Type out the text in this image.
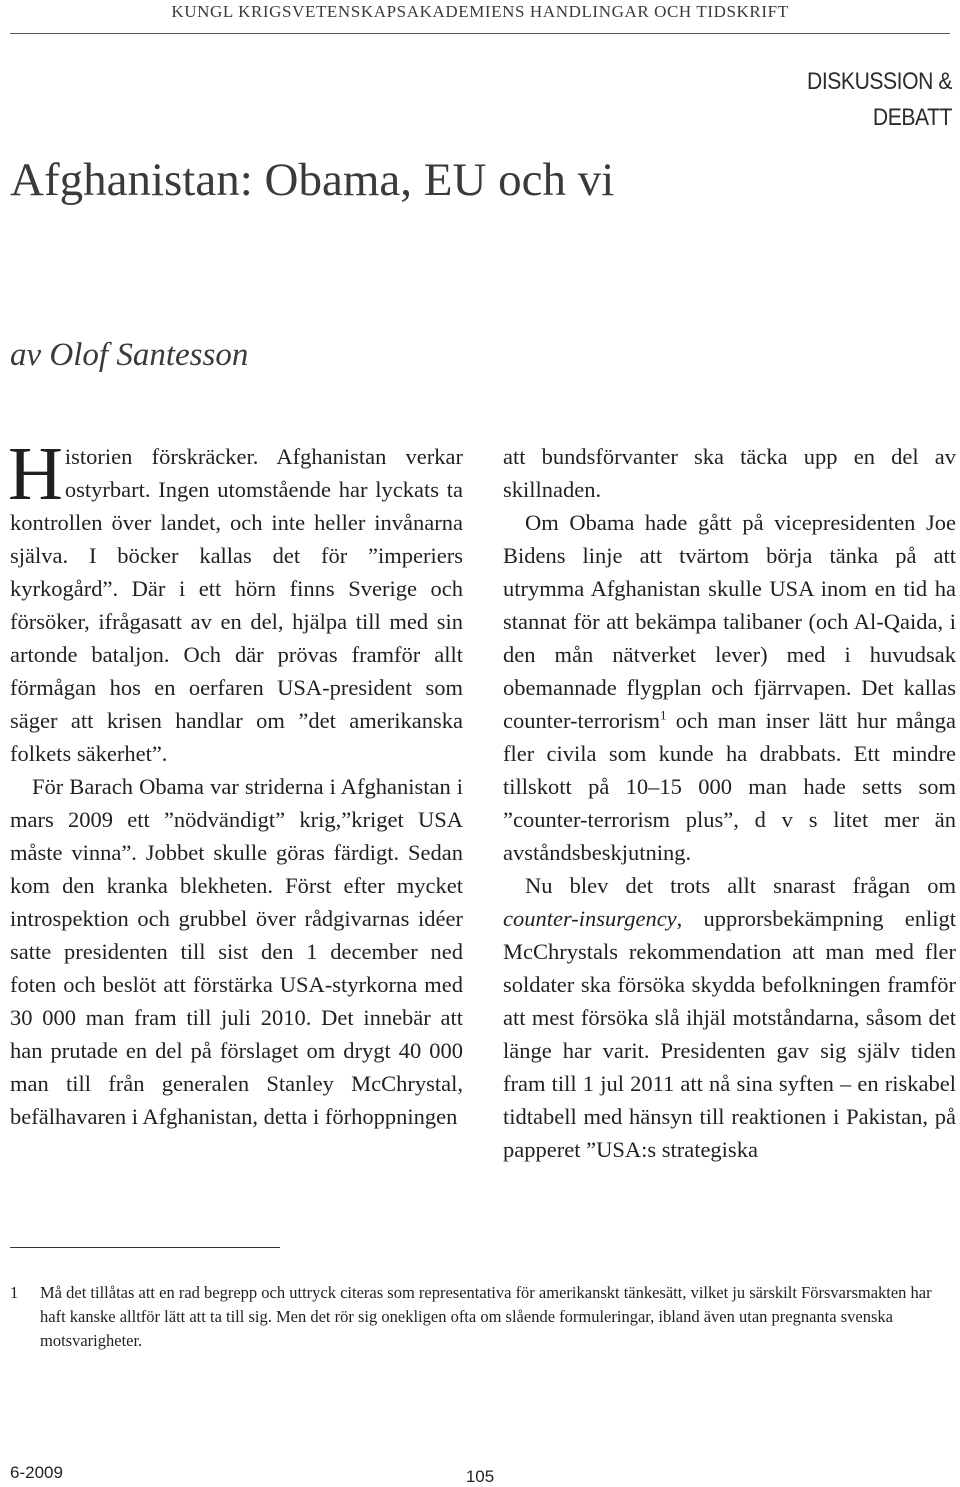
KUNGL KRIGSVETENSKAPSAKADEMIENS HANDLINGAR OCH TIDSKRIFT
DISKUSSION &
DEBATT
Afghanistan: Obama, EU och vi
av Olof Santesson

Historien förskräcker. Afghanistan verkar ostyrbart. Ingen utomstående har lyckats ta kontrollen över landet, och inte heller invånarna själva. I böcker kallas det för ”imperiers kyrkogård”. Där i ett hörn finns Sverige och försöker, ifrågasatt av en del, hjälpa till med sin artonde bataljon. Och där prövas framför allt förmågan hos en oerfaren USA-president som säger att krisen handlar om ”det amerikanska folkets säkerhet”.

För Barach Obama var striderna i Afghanistan i mars 2009 ett ”nödvändigt” krig,”kriget USA måste vinna”. Jobbet skulle göras färdigt. Sedan kom den kranka blekheten. Först efter mycket introspektion och grubbel över rådgivarnas idéer satte presidenten till sist den 1 december ned foten och beslöt att förstärka USA-styrkorna med 30 000 man fram till juli 2010. Det innebär att han prutade en del på förslaget om drygt 40 000 man till från generalen Stanley McChrystal, befälhavaren i Afghanistan, detta i förhoppningen

att bundsförvanter ska täcka upp en del av skillnaden.

Om Obama hade gått på vicepresidenten Joe Bidens linje att tvärtom börja tänka på att utrymma Afghanistan skulle USA inom en tid ha stannat för att bekämpa talibaner (och Al-Qaida, i den mån nätverket lever) med i huvudsak obemannade flygplan och fjärrvapen. Det kallas counter-terrorism$^1$ och man inser lätt hur många fler civila som kunde ha drabbats. Ett mindre tillskott på 10–15 000 man hade setts som ”counter-terrorism plus”, d v s litet mer än avståndsbeskjutning.

Nu blev det trots allt snarast frågan om counter-insurgency, upprorsbekämpning enligt McChrystals rekommendation att man med fler soldater ska försöka skydda befolkningen framför att mest försöka slå ihjäl motståndarna, såsom det länge har varit. Presidenten gav sig själv tiden fram till 1 jul 2011 att nå sina syften – en riskabel tidtabell med hänsyn till reaktionen i Pakistan, på papperet ”USA:s strategiska

1 Må det tillåtas att en rad begrepp och uttryck citeras som representativa för amerikanskt tänkesätt, vilket ju särskilt Försvarsmakten har haft kanske alltför lätt att ta till sig. Men det rör sig onekligen ofta om slående formuleringar, ibland även utan pregnanta svenska motsvarigheter.
6-2009	105
